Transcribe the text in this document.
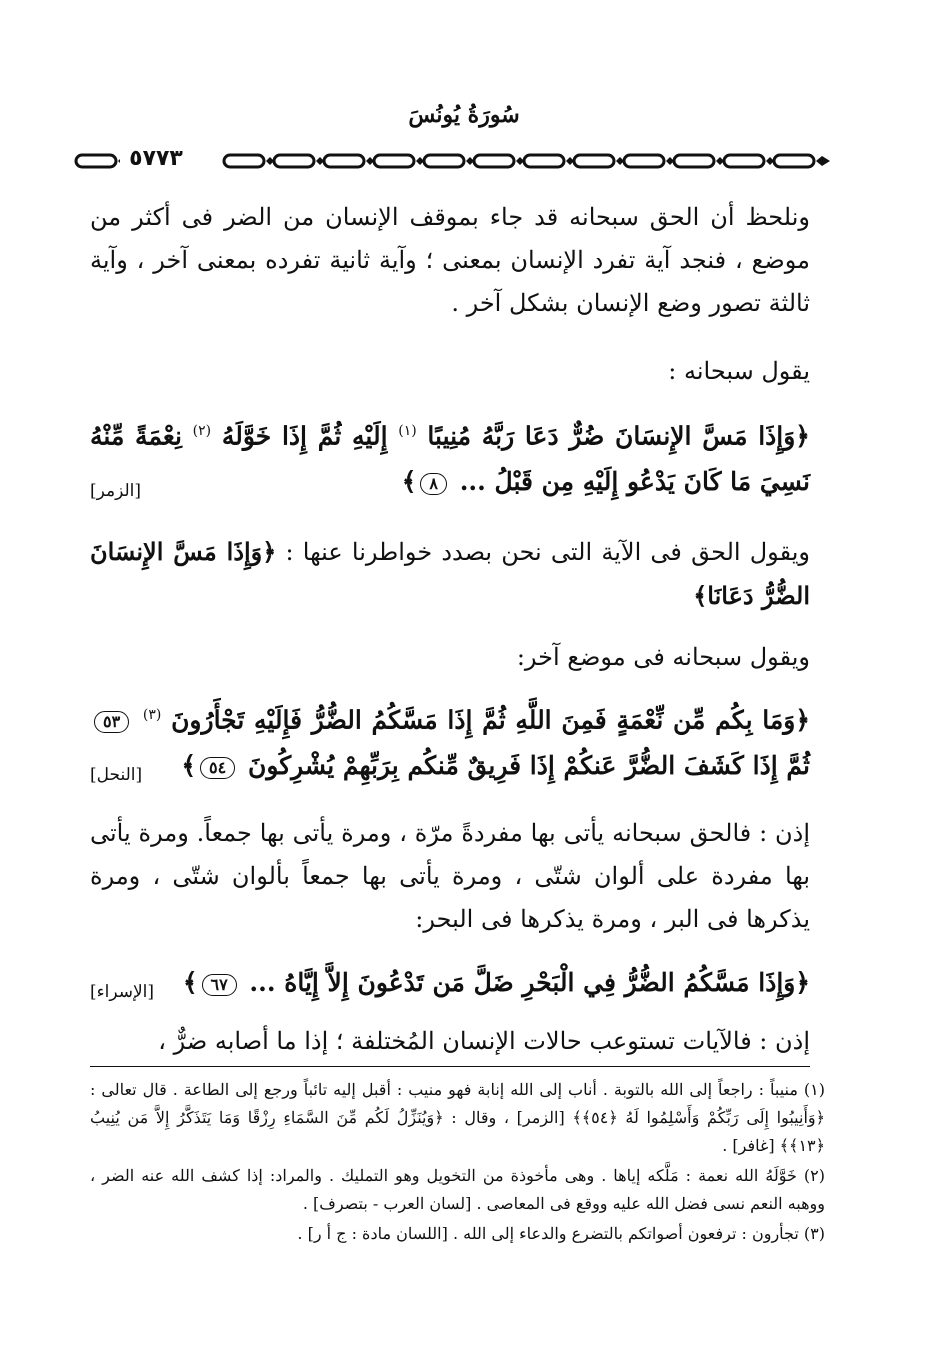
سُورَةُ يُونُسَ
٥٧٧٣

ونلحظ أن الحق سبحانه قد جاء بموقف الإنسان من الضر فى أكثر من موضع ، فنجد آية تفرد الإنسان بمعنى ؛ وآية ثانية تفرده بمعنى آخر ، وآية ثالثة تصور وضع الإنسان بشكل آخر .

يقول سبحانه :

﴿وَإِذَا مَسَّ الإِنسَانَ ضُرٌّ دَعَا رَبَّهُ مُنِيبًا $^{(١)}$ إِلَيْهِ ثُمَّ إِذَا خَوَّلَهُ $^{(٢)}$ نِعْمَةً مِّنْهُ نَسِيَ مَا كَانَ يَدْعُو إِلَيْهِ مِن قَبْلُ ... ٨﴾

[الزمر]

ويقول الحق فى الآية التى نحن بصدد خواطرنا عنها : ﴿وَإِذَا مَسَّ الإِنسَانَ الضُّرُّ دَعَانَا﴾

ويقول سبحانه فى موضع آخر:

﴿وَمَا بِكُم مِّن نِّعْمَةٍ فَمِنَ اللَّهِ ثُمَّ إِذَا مَسَّكُمُ الضُّرُّ فَإِلَيْهِ تَجْأَرُونَ $^{(٣)}$ ٥٣ ثُمَّ إِذَا كَشَفَ الضُّرَّ عَنكُمْ إِذَا فَرِيقٌ مِّنكُم بِرَبِّهِمْ يُشْرِكُونَ ٥٤﴾

[النحل]

إذن : فالحق سبحانه يأتى بها مفردةً مرّة ، ومرة يأتى بها جمعاً. ومرة يأتى بها مفردة على ألوان شتّى ، ومرة يأتى بها جمعاً بألوان شتّى ، ومرة يذكرها فى البر ، ومرة يذكرها فى البحر:

﴿وَإِذَا مَسَّكُمُ الضُّرُّ فِي الْبَحْرِ ضَلَّ مَن تَدْعُونَ إِلاَّ إِيَّاهُ ... ٦٧﴾

[الإسراء]

إذن : فالآيات تستوعب حالات الإنسان المُختلفة ؛ إذا ما أصابه ضرٌّ ،

(١) منيباً : راجعاً إلى الله بالتوبة . أناب إلى الله إنابة فهو منيب : أقبل إليه تائباً ورجع إلى الطاعة . قال تعالى : ﴿وَأَنِيبُوا إِلَى رَبِّكُمْ وَأَسْلِمُوا لَهُ ﴿٥٤﴾﴾ [الزمر] ، وقال : ﴿وَيُنَزِّلُ لَكُم مِّنَ السَّمَاءِ رِزْقًا وَمَا يَتَذَكَّرُ إِلاَّ مَن يُنِيبُ ﴿١٣﴾﴾ [غافر] .

(٢) خَوَّلَهُ الله نعمة : مَلَّكه إياها . وهى مأخوذة من التخويل وهو التمليك . والمراد: إذا كشف الله عنه الضر ، ووهبه النعم نسى فضل الله عليه ووقع فى المعاصى . [لسان العرب - بتصرف] .

(٣) تجأرون : ترفعون أصواتكم بالتضرع والدعاء إلى الله . [اللسان مادة : ج أ ر] .
